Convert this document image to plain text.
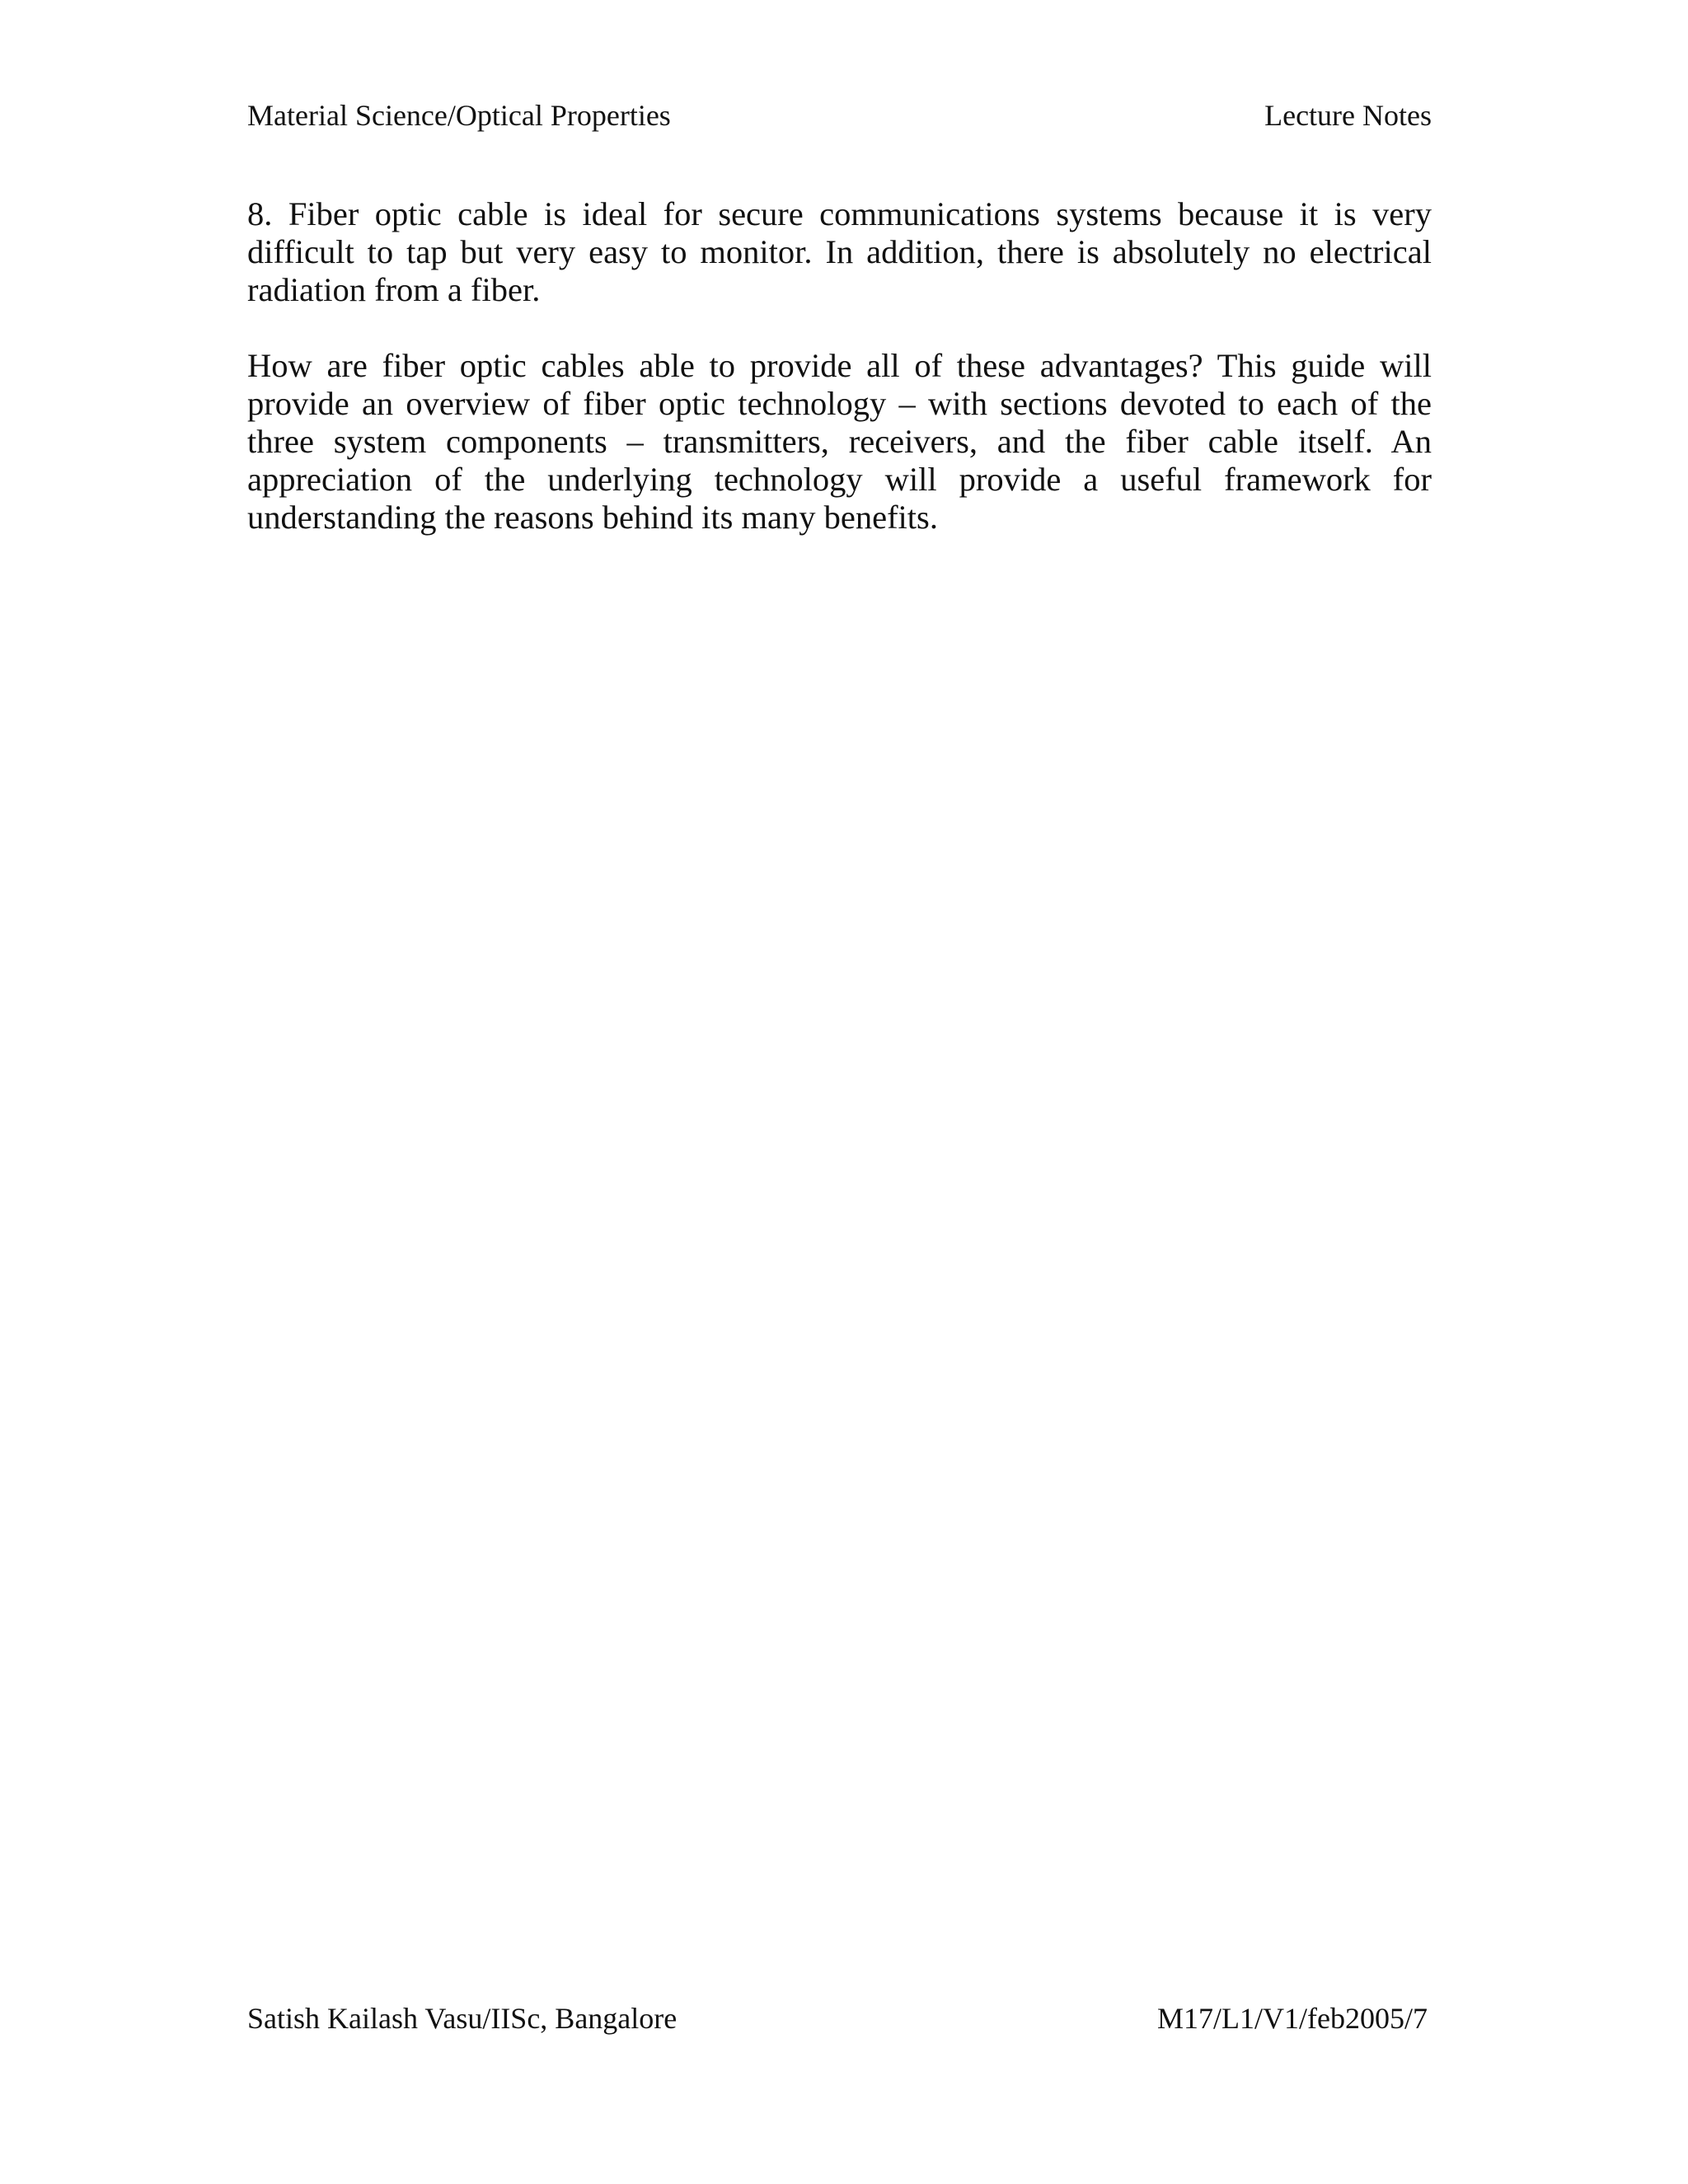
Material Science/Optical Properties	Lecture Notes

8. Fiber optic cable is ideal for secure communications systems because it is very difficult to tap but very easy to monitor. In addition, there is absolutely no electrical radiation from a fiber.

How are fiber optic cables able to provide all of these advantages? This guide will provide an overview of fiber optic technology – with sections devoted to each of the three system components – transmitters, receivers, and the fiber cable itself. An appreciation of the underlying technology will provide a useful framework for understanding the reasons behind its many benefits.

Satish Kailash Vasu/IISc, Bangalore	M17/L1/V1/feb2005/7
